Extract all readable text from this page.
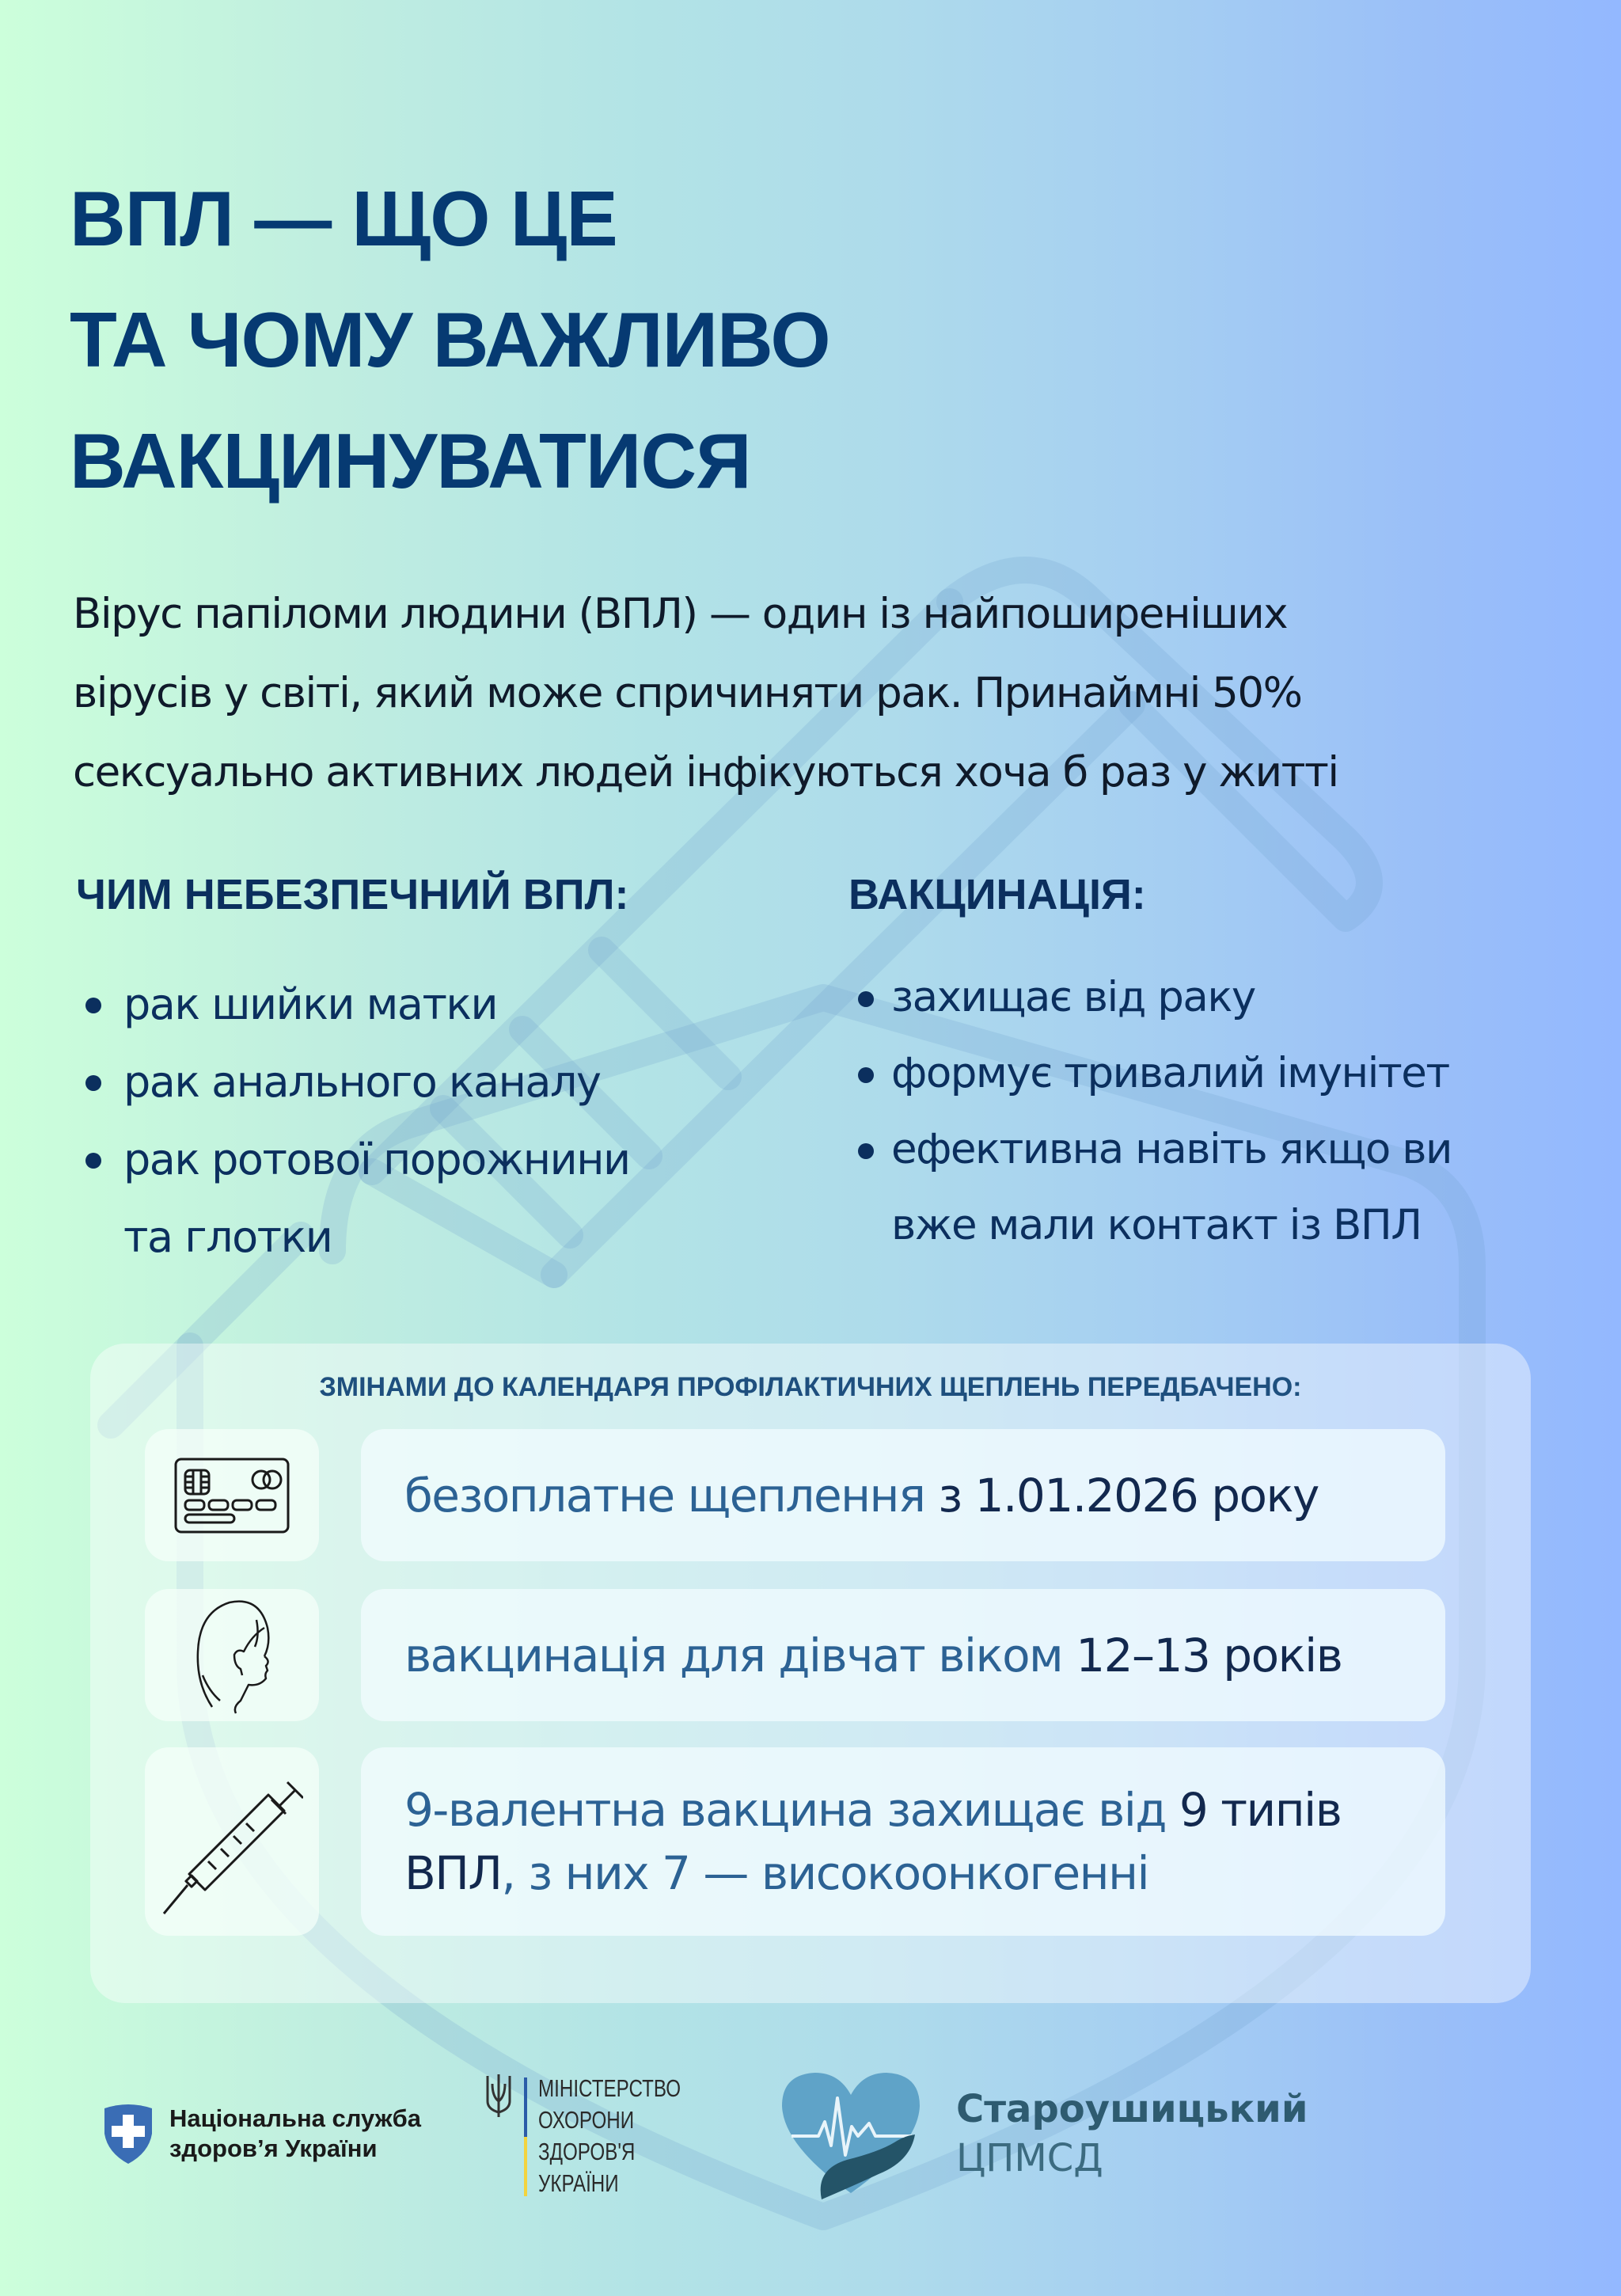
ВПЛ — ЩО ЦЕ
ТА ЧОМУ ВАЖЛИВО
ВАКЦИНУВАТИСЯ
Вірус папіломи людини (ВПЛ) — один із найпоширеніших
вірусів у світі, який може спричиняти рак. Принаймні 50%
сексуально активних людей інфікуються хоча б раз у житті
ЧИМ НЕБЕЗПЕЧНИЙ ВПЛ:
рак шийки матки
рак анального каналу
рак ротової порожнини
та глотки
ВАКЦИНАЦІЯ:
захищає від раку
формує тривалий імунітет
ефективна навіть якщо ви
вже мали контакт із ВПЛ
ЗМІНАМИ ДО КАЛЕНДАРЯ ПРОФІЛАКТИЧНИХ ЩЕПЛЕНЬ ПЕРЕДБАЧЕНО:
безоплатне щеплення з 1.01.2026 року
вакцинація для дівчат віком 12–13 років
9-валентна вакцина захищає від 9 типів
ВПЛ, з них 7 — високоонкогенні
Національна служба
здоров’я України
МІНІСТЕРСТВО
ОХОРОНИ
ЗДОРОВ'Я
УКРАЇНИ
Староушицький
ЦПМСД
